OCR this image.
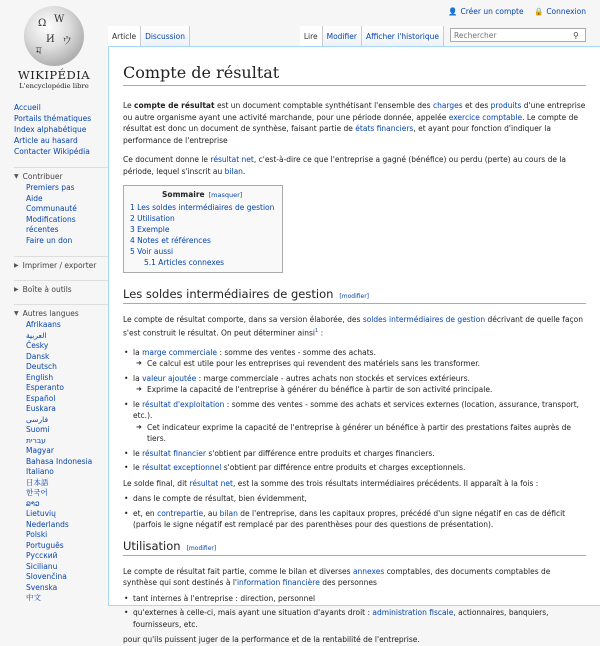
👤 Créer un compte 🔒 Connexion
Ω W
И ウ
ম
WIKIPÉDIA
L'encyclopédie libre
Accueil
Portails thématiques
Index alphabétique
Article au hasard
Contacter Wikipédia
▼ Contribuer
Premiers pas
Aide
Communauté
Modifications récentes
Faire un don
▶ Imprimer / exporter
▶ Boîte à outils
▼ Autres langues
Afrikaans
العربية
Česky
Dansk
Deutsch
English
Esperanto
Español
Euskara
فارسی
Suomi
עברית
Magyar
Bahasa Indonesia
Italiano
日本語
한국어
ລາວ
Lietuvių
Nederlands
Polski
Português
Русский
Sicilianu
Slovenčina
Svenska
中文
Article	Discussion	Lire	Modifier	Afficher l'historique
Rechercher	⚲
Compte de résultat

Le compte de résultat est un document comptable synthétisant l'ensemble des charges et des produits d'une entreprise ou autre organisme ayant une activité marchande, pour une période donnée, appelée exercice comptable. Le compte de résultat est donc un document de synthèse, faisant partie de états financiers, et ayant pour fonction d'indiquer la performance de l'entreprise

Ce document donne le résultat net, c'est-à-dire ce que l'entreprise a gagné (bénéfice) ou perdu (perte) au cours de la période, lequel s'inscrit au bilan.

Sommaire [masquer]
1 Les soldes intermédiaires de gestion
2 Utilisation
3 Exemple
4 Notes et références
5 Voir aussi
5.1 Articles connexes
Les soldes intermédiaires de gestion [modifier]

Le compte de résultat comporte, dans sa version élaborée, des soldes intermédiaires de gestion décrivant de quelle façon s'est construit le résultat. On peut déterminer ainsi$^1$ :

• la marge commerciale : somme des ventes - somme des achats.
➜ Ce calcul est utile pour les entreprises qui revendent des matériels sans les transformer.
• la valeur ajoutée : marge commerciale - autres achats non stockés et services extérieurs.
➜ Exprime la capacité de l'entreprise à générer du bénéfice à partir de son activité principale.
• le résultat d'exploitation : somme des ventes - somme des achats et services externes (location, assurance, transport, etc.).
➜ Cet indicateur exprime la capacité de l'entreprise à générer un bénéfice à partir des prestations faites auprès de tiers.
• le résultat financier s'obtient par différence entre produits et charges financiers.
• le résultat exceptionnel s'obtient par différence entre produits et charges exceptionnels.

Le solde final, dit résultat net, est la somme des trois résultats intermédiaires précédents. Il apparaît à la fois :

• dans le compte de résultat, bien évidemment,
• et, en contrepartie, au bilan de l'entreprise, dans les capitaux propres, précédé d'un signe négatif en cas de déficit (parfois le signe négatif est remplacé par des parenthèses pour des questions de présentation).
Utilisation [modifier]

Le compte de résultat fait partie, comme le bilan et diverses annexes comptables, des documents comptables de synthèse qui sont destinés à l'information financière des personnes

• tant internes à l'entreprise : direction, personnel
• qu'externes à celle-ci, mais ayant une situation d'ayants droit : administration fiscale, actionnaires, banquiers, fournisseurs, etc.

pour qu'ils puissent juger de la performance et de la rentabilité de l'entreprise.
